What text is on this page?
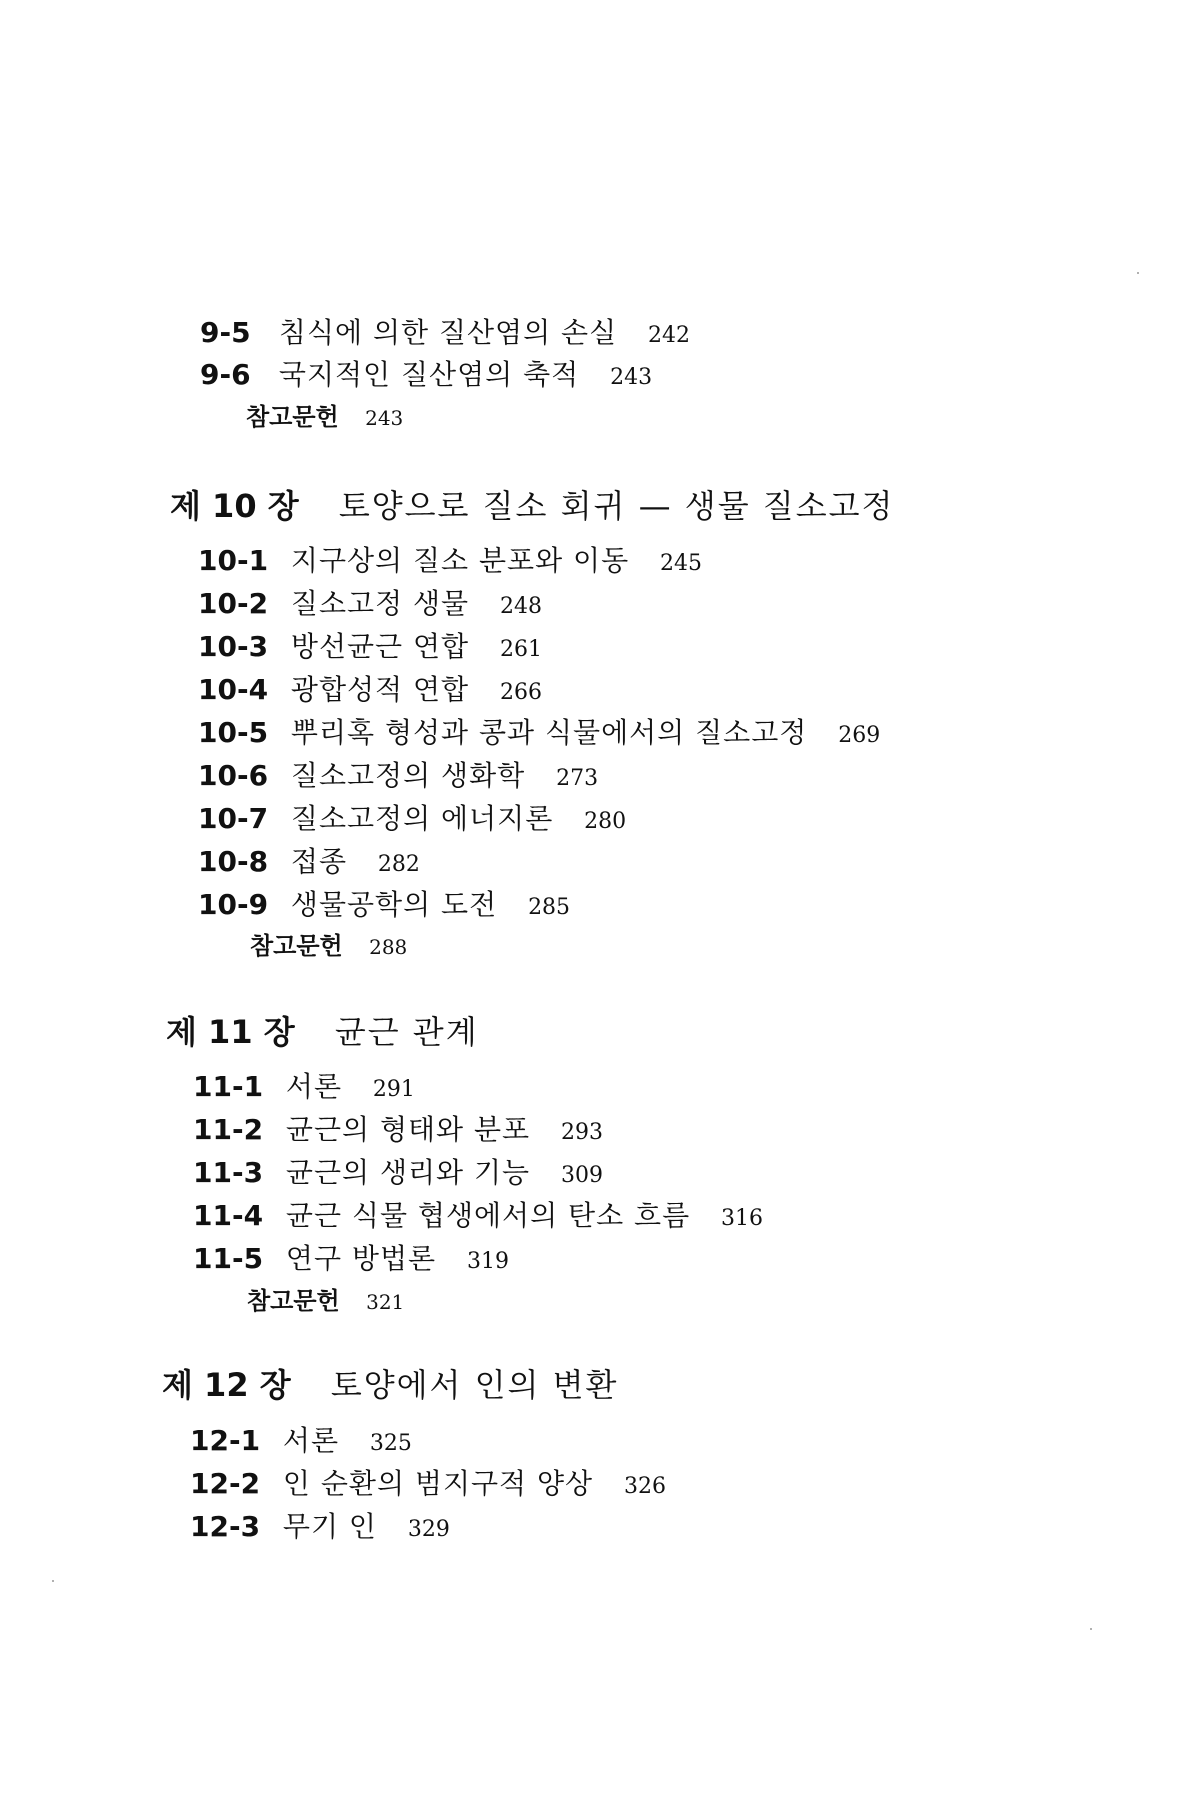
9-5 침식에 의한 질산염의 손실 242
9-6 국지적인 질산염의 축적 243
참고문헌 243
제 10 장 토양으로 질소 회귀 — 생물 질소고정
10-1 지구상의 질소 분포와 이동 245
10-2 질소고정 생물 248
10-3 방선균근 연합 261
10-4 광합성적 연합 266
10-5 뿌리혹 형성과 콩과 식물에서의 질소고정 269
10-6 질소고정의 생화학 273
10-7 질소고정의 에너지론 280
10-8 접종 282
10-9 생물공학의 도전 285
참고문헌 288
제 11 장 균근 관계
11-1 서론 291
11-2 균근의 형태와 분포 293
11-3 균근의 생리와 기능 309
11-4 균근 식물 협생에서의 탄소 흐름 316
11-5 연구 방법론 319
참고문헌 321
제 12 장 토양에서 인의 변환
12-1 서론 325
12-2 인 순환의 범지구적 양상 326
12-3 무기 인 329
